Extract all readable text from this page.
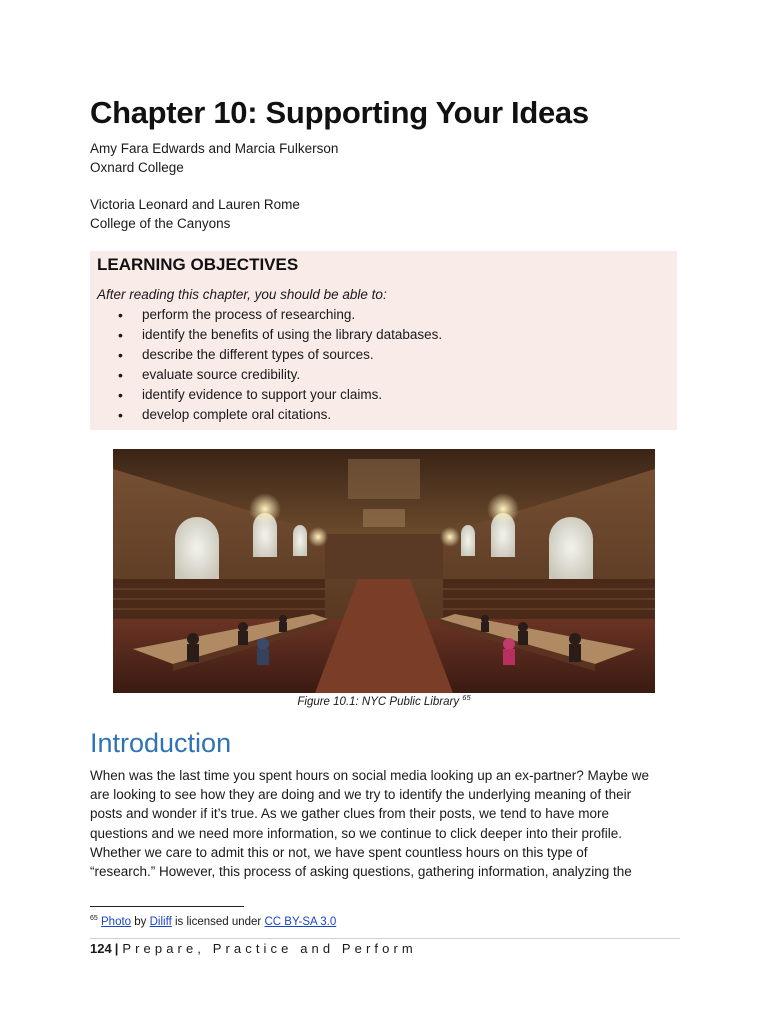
Chapter 10: Supporting Your Ideas
Amy Fara Edwards and Marcia Fulkerson
Oxnard College
Victoria Leonard and Lauren Rome
College of the Canyons
LEARNING OBJECTIVES
After reading this chapter, you should be able to:
• perform the process of researching.
• identify the benefits of using the library databases.
• describe the different types of sources.
• evaluate source credibility.
• identify evidence to support your claims.
• develop complete oral citations.
Figure 10.1: NYC Public Library $^{65}$
Introduction

When was the last time you spent hours on social media looking up an ex-partner? Maybe we
are looking to see how they are doing and we try to identify the underlying meaning of their
posts and wonder if it’s true. As we gather clues from their posts, we tend to have more
questions and we need more information, so we continue to click deeper into their profile.
Whether we care to admit this or not, we have spent countless hours on this type of
“research.” However, this process of asking questions, gathering information, analyzing the

$^{65}$ Photo by Diliff is licensed under CC BY-SA 3.0
124 | Prepare, Practice and Perform
